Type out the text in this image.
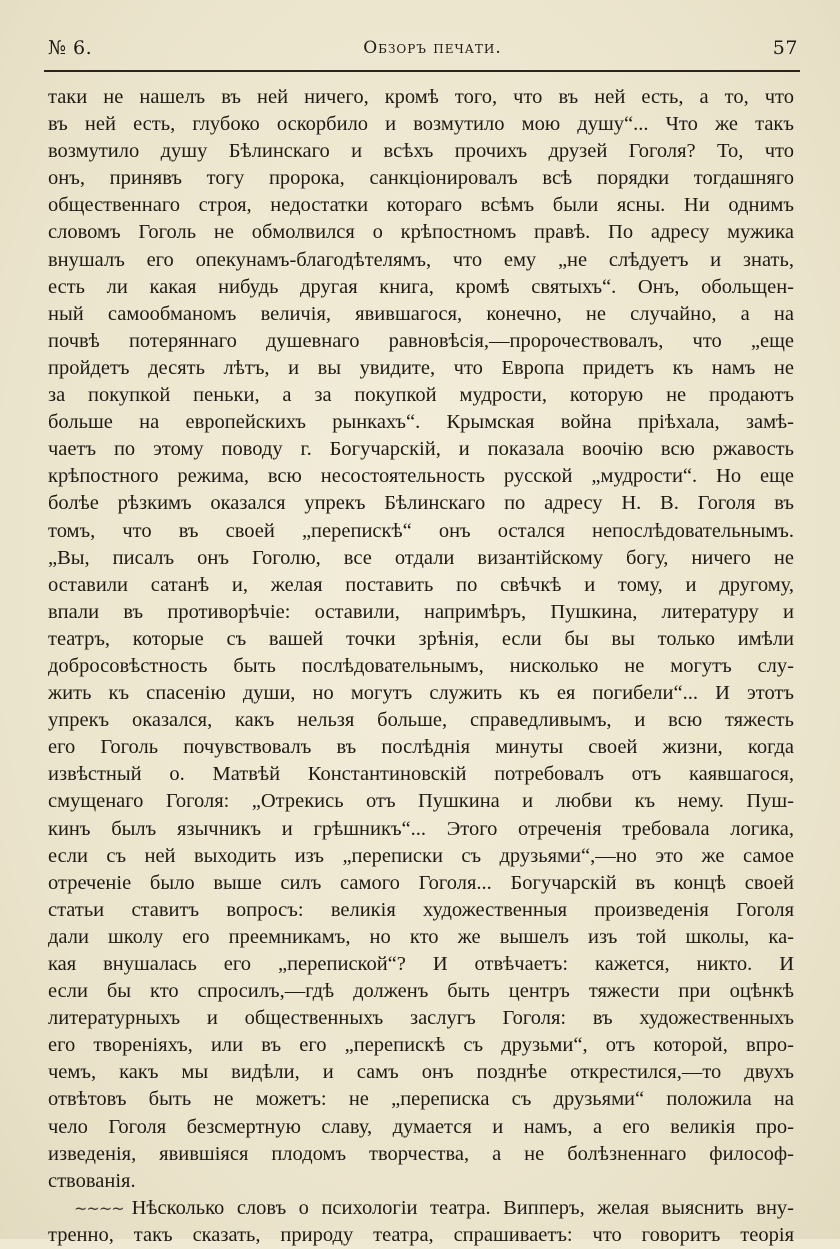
№ 6.	Обзоръ печати.	57
таки не нашелъ въ ней ничего, кромѣ того, что въ ней есть, а то, что
въ ней есть, глубоко оскорбило и возмутило мою душу“... Что же такъ
возмутило душу Бѣлинскаго и всѣхъ прочихъ друзей Гоголя? То, что
онъ, принявъ тогу пророка, санкціонировалъ всѣ порядки тогдашняго
общественнаго строя, недостатки котораго всѣмъ были ясны. Ни однимъ
словомъ Гоголь не обмолвился о крѣпостномъ правѣ. По адресу мужика
внушалъ его опекунамъ-благодѣтелямъ, что ему „не слѣдуетъ и знать,
есть ли какая нибудь другая книга, кромѣ святыхъ“. Онъ, обольщен-
ный самообманомъ величія, явившагося, конечно, не случайно, а на
почвѣ потеряннаго душевнаго равновѣсія,—пророчествовалъ, что „еще
пройдетъ десять лѣтъ, и вы увидите, что Европа придетъ къ намъ не
за покупкой пеньки, а за покупкой мудрости, которую не продаютъ
больше на европейскихъ рынкахъ“. Крымская война пріѣхала, замѣ-
чаетъ по этому поводу г. Богучарскій, и показала воочію всю ржавость
крѣпостного режима, всю несостоятельность русской „мудрости“. Но еще
болѣе рѣзкимъ оказался упрекъ Бѣлинскаго по адресу Н. В. Гоголя въ
томъ, что въ своей „перепискѣ“ онъ остался непослѣдовательнымъ.
„Вы, писалъ онъ Гоголю, все отдали византійскому богу, ничего не
оставили сатанѣ и, желая поставить по свѣчкѣ и тому, и другому,
впали въ противорѣчіе: оставили, напримѣръ, Пушкина, литературу и
театръ, которые съ вашей точки зрѣнія, если бы вы только имѣли
добросовѣстность быть послѣдовательнымъ, нисколько не могутъ слу-
жить къ спасенію души, но могутъ служить къ ея погибели“... И этотъ
упрекъ оказался, какъ нельзя больше, справедливымъ, и всю тяжесть
его Гоголь почувствовалъ въ послѣднія минуты своей жизни, когда
извѣстный о. Матвѣй Константиновскій потребовалъ отъ каявшагося,
смущенаго Гоголя: „Отрекись отъ Пушкина и любви къ нему. Пуш-
кинъ былъ язычникъ и грѣшникъ“... Этого отреченія требовала логика,
если съ ней выходить изъ „переписки съ друзьями“,—но это же самое
отреченіе было выше силъ самого Гоголя... Богучарскій въ концѣ своей
статьи ставитъ вопросъ: великія художественныя произведенія Гоголя
дали школу его преемникамъ, но кто же вышелъ изъ той школы, ка-
кая внушалась его „перепиской“? И отвѣчаетъ: кажется, никто. И
если бы кто спросилъ,—гдѣ долженъ быть центръ тяжести при оцѣнкѣ
литературныхъ и общественныхъ заслугъ Гоголя: въ художественныхъ
его твореніяхъ, или въ его „перепискѣ съ друзьми“, отъ которой, впро-
чемъ, какъ мы видѣли, и самъ онъ позднѣе открестился,—то двухъ
отвѣтовъ быть не можетъ: не „переписка съ друзьями“ положила на
чело Гоголя безсмертную славу, думается и намъ, а его великія про-
изведенія, явившіяся плодомъ творчества, а не болѣзненнаго философ-
ствованія.
~~~~ Нѣсколько словъ о психологіи театра. Випперъ, желая выяснить вну-
тренно, такъ сказать, природу театра, спрашиваетъ: что говоритъ теорія
